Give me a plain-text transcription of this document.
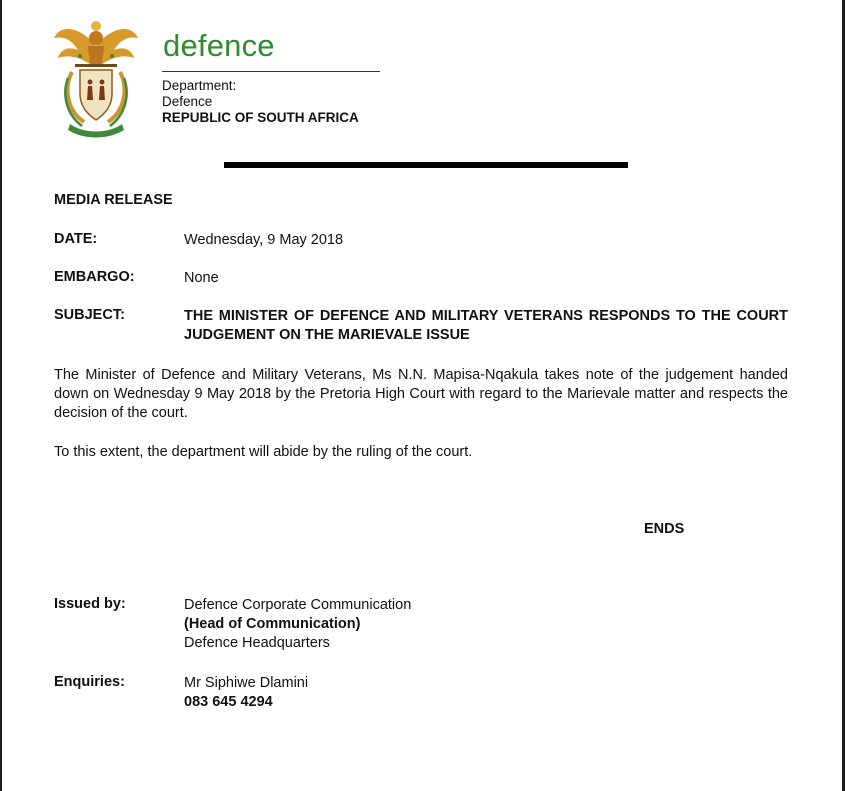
defence
Department:
Defence
REPUBLIC OF SOUTH AFRICA
MEDIA RELEASE
DATE:	Wednesday, 9 May 2018
EMBARGO:	None
SUBJECT:	THE MINISTER OF DEFENCE AND MILITARY VETERANS RESPONDS TO THE COURT JUDGEMENT ON THE MARIEVALE ISSUE
The Minister of Defence and Military Veterans, Ms N.N. Mapisa-Nqakula takes note of the judgement handed down on Wednesday 9 May 2018 by the Pretoria High Court with regard to the Marievale matter and respects the decision of the court.
To this extent, the department will abide by the ruling of the court.
ENDS
Issued by:	Defence Corporate Communication
(Head of Communication)
Defence Headquarters
Enquiries:	Mr Siphiwe Dlamini
083 645 4294
